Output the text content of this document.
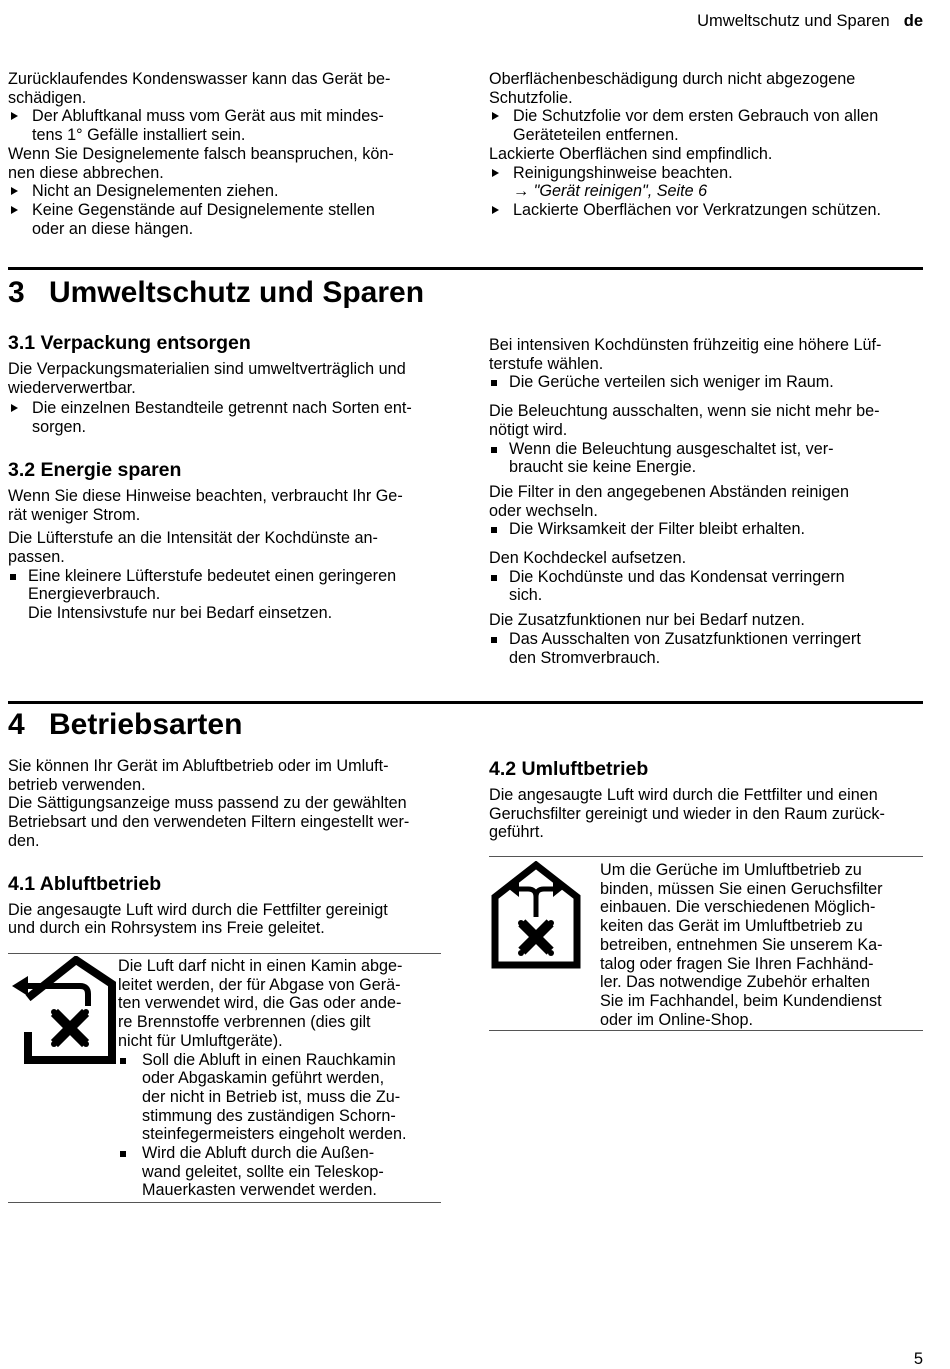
Umweltschutz und Sparen de

Zurücklaufendes Kondenswasser kann das Gerät be-
schädigen.

Der Abluftkanal muss vom Gerät aus mit mindes-
tens 1° Gefälle installiert sein.

Wenn Sie Designelemente falsch beanspruchen, kön-
nen diese abbrechen.

Nicht an Designelementen ziehen.

Keine Gegenstände auf Designelemente stellen
oder an diese hängen.

Oberflächenbeschädigung durch nicht abgezogene
Schutzfolie.

Die Schutzfolie vor dem ersten Gebrauch von allen
Geräteteilen entfernen.

Lackierte Oberflächen sind empfindlich.

Reinigungshinweise beachten.

→ "Gerät reinigen", Seite 6

Lackierte Oberflächen vor Verkratzungen schützen.

3 Umweltschutz und Sparen
3.1 Verpackung entsorgen

Die Verpackungsmaterialien sind umweltverträglich und
wiederverwertbar.

Die einzelnen Bestandteile getrennt nach Sorten ent-
sorgen.

3.2 Energie sparen

Wenn Sie diese Hinweise beachten, verbraucht Ihr Ge-
rät weniger Strom.

Die Lüfterstufe an die Intensität der Kochdünste an-
passen.

Eine kleinere Lüfterstufe bedeutet einen geringeren
Energieverbrauch.
Die Intensivstufe nur bei Bedarf einsetzen.

Bei intensiven Kochdünsten frühzeitig eine höhere Lüf-
terstufe wählen.

Die Gerüche verteilen sich weniger im Raum.

Die Beleuchtung ausschalten, wenn sie nicht mehr be-
nötigt wird.

Wenn die Beleuchtung ausgeschaltet ist, ver-
braucht sie keine Energie.

Die Filter in den angegebenen Abständen reinigen
oder wechseln.

Die Wirksamkeit der Filter bleibt erhalten.

Den Kochdeckel aufsetzen.

Die Kochdünste und das Kondensat verringern
sich.

Die Zusatzfunktionen nur bei Bedarf nutzen.

Das Ausschalten von Zusatzfunktionen verringert
den Stromverbrauch.

4 Betriebsarten

Sie können Ihr Gerät im Abluftbetrieb oder im Umluft-
betrieb verwenden.
Die Sättigungsanzeige muss passend zu der gewählten
Betriebsart und den verwendeten Filtern eingestellt wer-
den.

4.1 Abluftbetrieb

Die angesaugte Luft wird durch die Fettfilter gereinigt
und durch ein Rohrsystem ins Freie geleitet.

Die Luft darf nicht in einen Kamin abge-
leitet werden, der für Abgase von Gerä-
ten verwendet wird, die Gas oder ande-
re Brennstoffe verbrennen (dies gilt
nicht für Umluftgeräte).

Soll die Abluft in einen Rauchkamin
oder Abgaskamin geführt werden,
der nicht in Betrieb ist, muss die Zu-
stimmung des zuständigen Schorn-
steinfegermeisters eingeholt werden.

Wird die Abluft durch die Außen-
wand geleitet, sollte ein Teleskop-
Mauerkasten verwendet werden.

4.2 Umluftbetrieb

Die angesaugte Luft wird durch die Fettfilter und einen
Geruchsfilter gereinigt und wieder in den Raum zurück-
geführt.

Um die Gerüche im Umluftbetrieb zu
binden, müssen Sie einen Geruchsfilter
einbauen. Die verschiedenen Möglich-
keiten das Gerät im Umluftbetrieb zu
betreiben, entnehmen Sie unserem Ka-
talog oder fragen Sie Ihren Fachhänd-
ler. Das notwendige Zubehör erhalten
Sie im Fachhandel, beim Kundendienst
oder im Online-Shop.

5
